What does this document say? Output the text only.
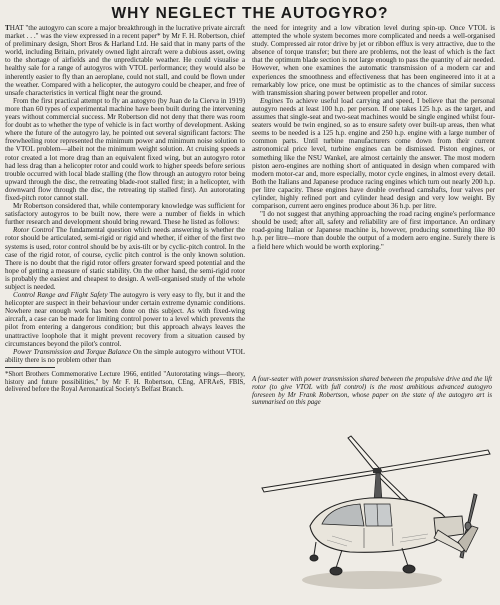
WHY NEGLECT THE AUTOGYRO?

THAT "the autogyro can score a major breakthrough in the lucrative private aircraft market . . ." was the view expressed in a recent paper* by Mr F. H. Robertson, chief of preliminary design, Short Bros & Harland Ltd. He said that in many parts of the world, including Britain, privately owned light aircraft were a dubious asset, owing to the shortage of airfields and the unpredictable weather. He could visualise a healthy sale for a range of autogyros with VTOL performance; they would also be inherently easier to fly than an aeroplane, could not stall, and could be flown under the weather. Compared with a helicopter, the autogyro could be cheaper, and free of unsafe characteristics in vertical flight near the ground.

From the first practical attempt to fly an autogyro (by Juan de la Cierva in 1919) more than 60 types of experimental machine have been built during the intervening years without commercial success. Mr Robertson did not deny that there was room for doubt as to whether the type of vehicle is in fact worthy of development. Asking where the future of the autogyro lay, he pointed out several significant factors: The freewheeling rotor represented the minimum power and minimum noise solution to the VTOL problem—albeit not the minimum weight solution. At cruising speeds a rotor created a lot more drag than an equivalent fixed wing, but an autogyro rotor had less drag than a helicopter rotor and could work to higher speeds before serious trouble occurred with local blade stalling (the flow through an autogyro rotor being upward through the disc, the retreating blade-root stalled first; in a helicopter, with downward flow through the disc, the retreating tip stalled first). An autorotating fixed-pitch rotor cannot stall.

Mr Robertson considered that, while contemporary knowledge was sufficient for satisfactory autogyros to be built now, there were a number of fields in which further research and development should bring reward. These he listed as follows:

Rotor Control The fundamental question which needs answering is whether the rotor should be articulated, semi-rigid or rigid and whether, if either of the first two systems is used, rotor control should be by axis-tilt or by cyclic-pitch control. In the case of the rigid rotor, of course, cyclic pitch control is the only known solution. There is no doubt that the rigid rotor offers greater forward speed potential and the hope of getting a measure of static stability. On the other hand, the semi-rigid rotor is probably the easiest and cheapest to design. A well-organised study of the whole subject is needed.

Control Range and Flight Safety The autogyro is very easy to fly, but it and the helicopter are suspect in their behaviour under certain extreme dynamic conditions. Nowhere near enough work has been done on this subject. As with fixed-wing aircraft, a case can be made for limiting control power to a level which prevents the pilot from entering a dangerous condition; but this approach always leaves the unattractive loophole that it might prevent recovery from a situation caused by circumstances beyond the pilot's control.

Power Transmission and Torque Balance On the simple autogyro without VTOL ability there is no problem other than

*Short Brothers Commemorative Lecture 1966, entitled "Autorotating wings—theory, history and future possibilities," by Mr F. H. Robertson, CEng, AFRAeS, FBIS, delivered before the Royal Aeronautical Society's Belfast Branch.

the need for integrity and a low vibration level during spin-up. Once VTOL is attempted the whole system becomes more complicated and needs a well-organised study. Compressed air rotor drive by jet or ribbon efflux is very attractive, due to the absence of torque transfer; but there are problems, not the least of which is the fact that the optimum blade section is not large enough to pass the quantity of air needed. However, when one examines the automatic transmission of a modern car and experiences the smoothness and effectiveness that has been engineered into it at a remarkably low price, one must be optimistic as to the chances of similar success with transmission sharing power between propeller and rotor.

Engines To achieve useful load carrying and speed, I believe that the personal autogyro needs at least 100 h.p. per person. If one takes 125 h.p. as the target, and assumes that single-seat and two-seat machines would be single engined whilst four-seaters would be twin engined, so as to ensure safety over built-up areas, then what seems to be needed is a 125 h.p. engine and 250 h.p. engine with a large number of common parts. Until turbine manufacturers come down from their current astronomical price level, turbine engines can be dismissed. Piston engines, or something like the NSU Wankel, are almost certainly the answer. The most modern piston aero-engines are nothing short of antiquated in design when compared with modern motor-car and, more especially, motor cycle engines, in almost every detail. Both the Italians and Japanese produce racing engines which turn out nearly 200 h.p. per litre capacity. These engines have double overhead camshafts, four valves per cylinder, highly refined port and cylinder head design and very low weight. By comparison, current aero engines produce about 36 h.p. per litre.

"I do not suggest that anything approaching the road racing engine's performance should be used; after all, safety and reliability are of first importance. An ordinary road-going Italian or Japanese machine is, however, producing something like 80 h.p. per litre—more than double the output of a modern aero engine. Surely there is a field here which would be worth exploring."

A four-seater with power transmission shared between the propulsive drive and the lift rotor (to give VTOL with full control) is the most ambitious advanced autogyro foreseen by Mr Frank Robertson, whose paper on the state of the autogyro art is summarised on this page
